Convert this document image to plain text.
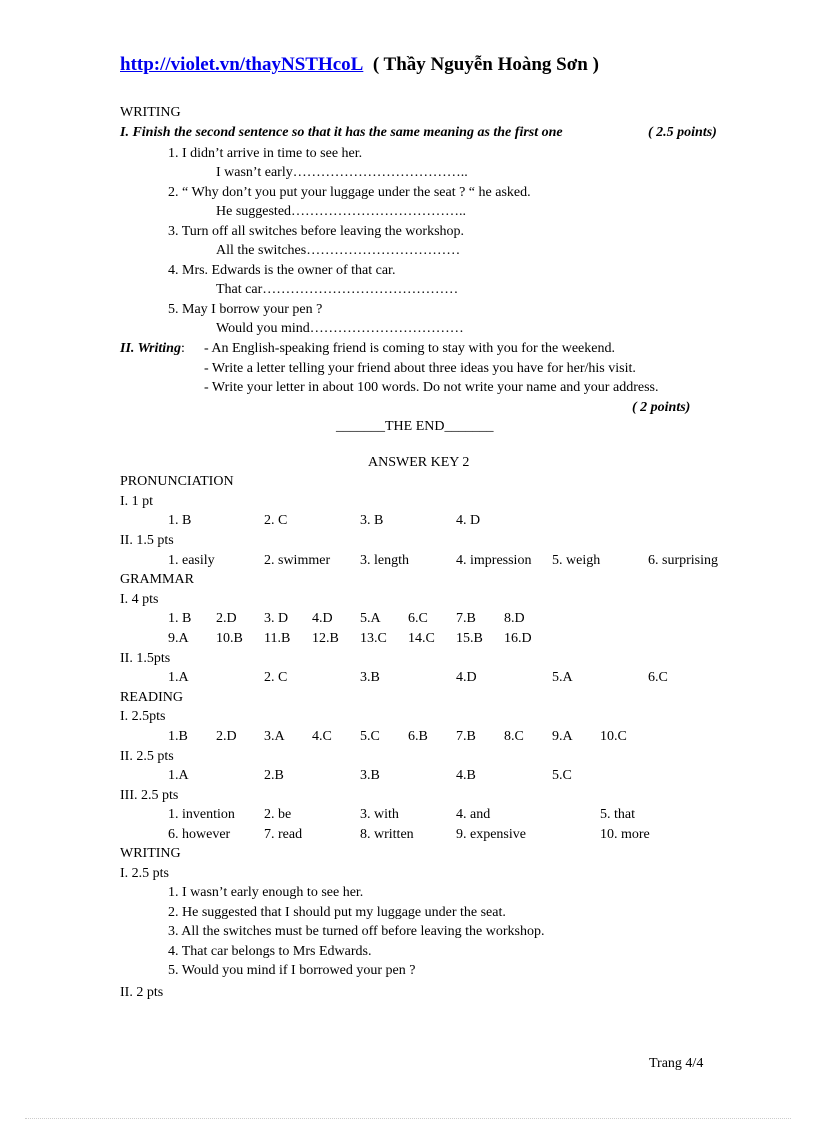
http://violet.vn/thayNSTHcoL ( Thầy Nguyễn Hoàng Sơn )
WRITING
I. Finish the second sentence so that it has the same meaning as the first one	( 2.5 points)
1. I didn’t arrive in time to see her.
I wasn’t early………………………………..
2. “ Why don’t you put your luggage under the seat ? “ he asked.
He suggested………………………………..
3. Turn off all switches before leaving the workshop.
All the switches……………………………
4. Mrs. Edwards is the owner of that car.
That car……………………………………
5. May I borrow your pen ?
Would you mind……………………………
II. Writing: - An English-speaking friend is coming to stay with you for the weekend.
- Write a letter telling your friend about three ideas you have for her/his visit.
- Write your letter in about 100 words. Do not write your name and your address.
( 2 points)
_______THE END_______
ANSWER KEY 2
PRONUNCIATION
I. 1 pt
1. B	2. C	3. B	4. D
II. 1.5 pts
1. easily	2. swimmer 3. length	4. impression 5. weigh	6. surprising
GRAMMAR
I. 4 pts
1. B 2.D 3. D 4.D 5.A 6.C 7.B 8.D
9.A 10.B 11.B 12.B 13.C 14.C 15.B 16.D
II. 1.5pts
1.A	2. C	3.B	4.D	5.A	6.C
READING
I. 2.5pts
1.B 2.D 3.A 4.C 5.C 6.B 7.B 8.C 9.A 10.C
II. 2.5 pts
1.A	2.B	3.B	4.B	5.C
III. 2.5 pts
1. invention 2. be	3. with	4. and	5. that
6. however 7. read	8. written	9. expensive	10. more
WRITING
I. 2.5 pts
1. I wasn’t early enough to see her.
2. He suggested that I should put my luggage under the seat.
3. All the switches must be turned off before leaving the workshop.
4. That car belongs to Mrs Edwards.
5. Would you mind if I borrowed your pen ?
II. 2 pts
Trang 4/4
